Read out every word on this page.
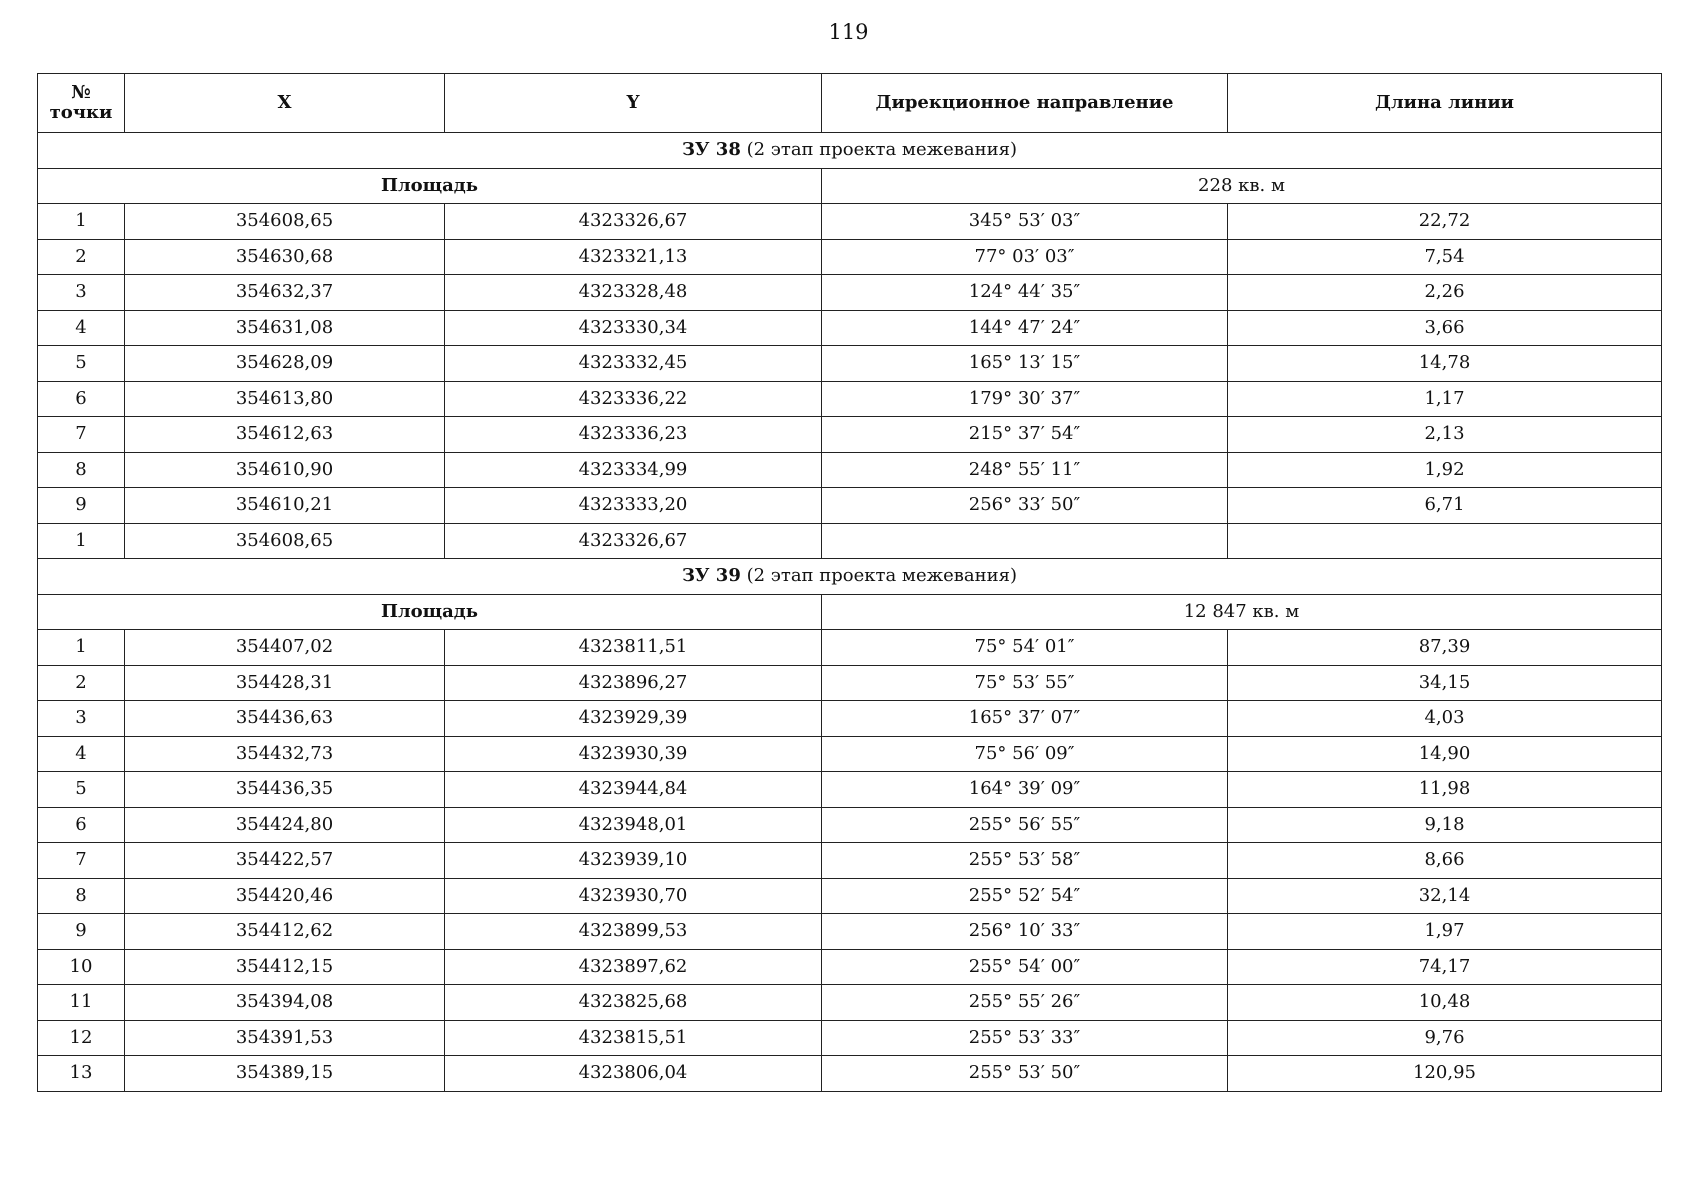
119
№
точки	X	Y	Дирекционное направление	Длина линии
ЗУ 38 (2 этап проекта межевания)				
Площадь			228 кв. м	
1	354608,65	4323326,67	345° 53′ 03″	22,72
2	354630,68	4323321,13	77° 03′ 03″	7,54
3	354632,37	4323328,48	124° 44′ 35″	2,26
4	354631,08	4323330,34	144° 47′ 24″	3,66
5	354628,09	4323332,45	165° 13′ 15″	14,78
6	354613,80	4323336,22	179° 30′ 37″	1,17
7	354612,63	4323336,23	215° 37′ 54″	2,13
8	354610,90	4323334,99	248° 55′ 11″	1,92
9	354610,21	4323333,20	256° 33′ 50″	6,71
1	354608,65	4323326,67		
ЗУ 39 (2 этап проекта межевания)				
Площадь			12 847 кв. м	
1	354407,02	4323811,51	75° 54′ 01″	87,39
2	354428,31	4323896,27	75° 53′ 55″	34,15
3	354436,63	4323929,39	165° 37′ 07″	4,03
4	354432,73	4323930,39	75° 56′ 09″	14,90
5	354436,35	4323944,84	164° 39′ 09″	11,98
6	354424,80	4323948,01	255° 56′ 55″	9,18
7	354422,57	4323939,10	255° 53′ 58″	8,66
8	354420,46	4323930,70	255° 52′ 54″	32,14
9	354412,62	4323899,53	256° 10′ 33″	1,97
10	354412,15	4323897,62	255° 54′ 00″	74,17
11	354394,08	4323825,68	255° 55′ 26″	10,48
12	354391,53	4323815,51	255° 53′ 33″	9,76
13	354389,15	4323806,04	255° 53′ 50″	120,95
